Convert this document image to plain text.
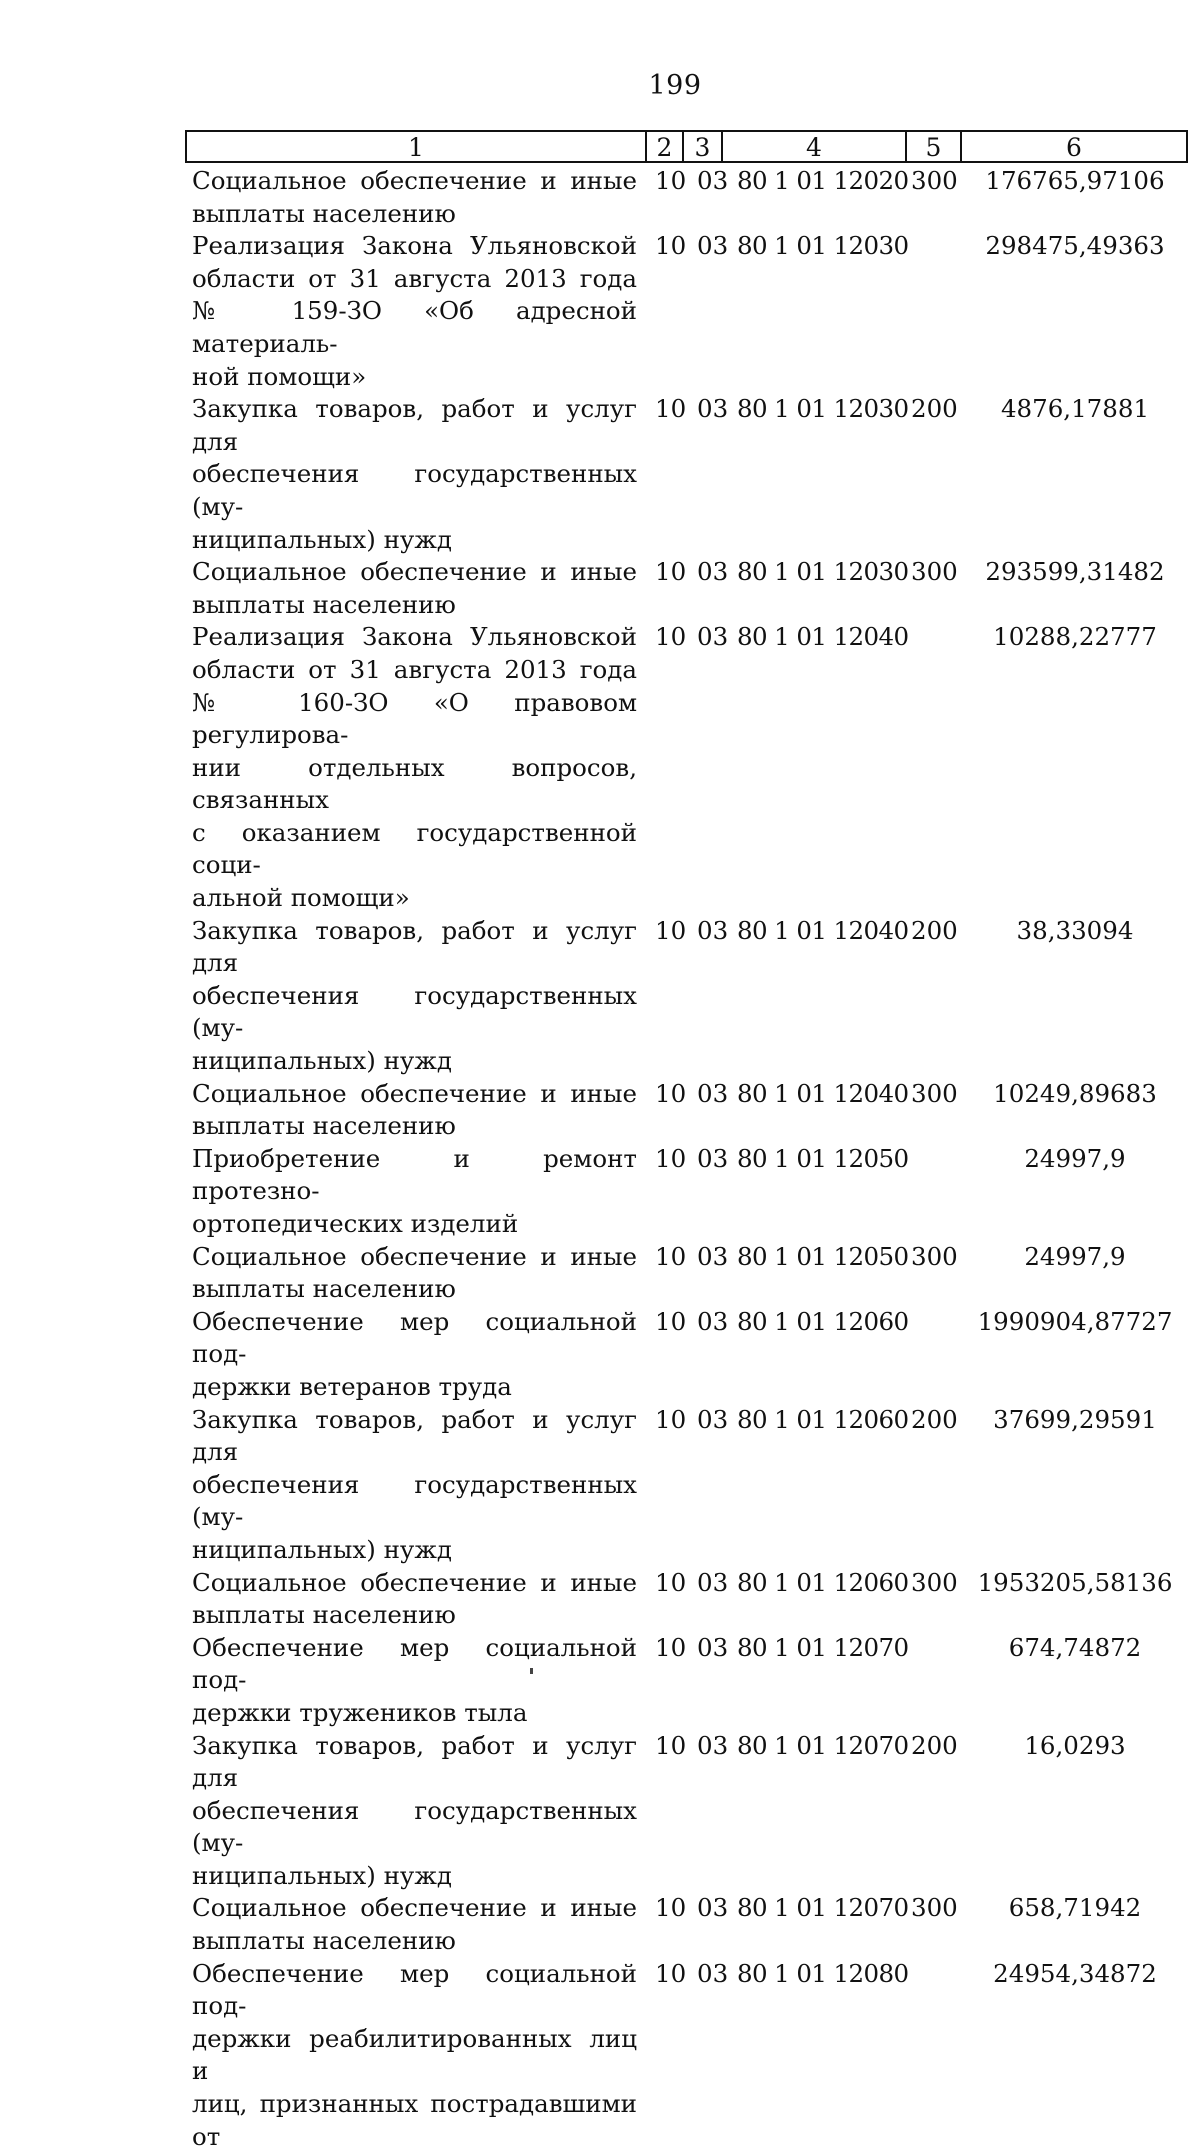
199
1	2 3	4	5	6
Социальное обеспечение и иные
выплаты населению
10 03 80 1 01 12020 300	176765,97106
Реализация Закона Ульяновской
области от 31 августа 2013 года
№ 159-ЗО «Об адресной материаль-
ной помощи»
10 03 80 1 01 12030	298475,49363
Закупка товаров, работ и услуг для
обеспечения государственных (му-
ниципальных) нужд
10 03 80 1 01 12030 200	4876,17881
Социальное обеспечение и иные
выплаты населению
10 03 80 1 01 12030 300	293599,31482
Реализация Закона Ульяновской
области от 31 августа 2013 года
№ 160-ЗО «О правовом регулирова-
нии отдельных вопросов, связанных
с оказанием государственной соци-
альной помощи»
10 03 80 1 01 12040	10288,22777
Закупка товаров, работ и услуг для
обеспечения государственных (му-
ниципальных) нужд
10 03 80 1 01 12040 200	38,33094
Социальное обеспечение и иные
выплаты населению
10 03 80 1 01 12040 300	10249,89683
Приобретение и ремонт протезно-
ортопедических изделий
10 03 80 1 01 12050	24997,9
Социальное обеспечение и иные
выплаты населению
10 03 80 1 01 12050 300	24997,9
Обеспечение мер социальной под-
держки ветеранов труда
10 03 80 1 01 12060	1990904,87727
Закупка товаров, работ и услуг для
обеспечения государственных (му-
ниципальных) нужд
10 03 80 1 01 12060 200	37699,29591
Социальное обеспечение и иные
выплаты населению
10 03 80 1 01 12060 300 1953205,58136
Обеспечение мер социальной под-
держки тружеников тыла
10 03 80 1 01 12070	674,74872
Закупка товаров, работ и услуг для
обеспечения государственных (му-
ниципальных) нужд
10 03 80 1 01 12070 200	16,0293
Социальное обеспечение и иные
выплаты населению
10 03 80 1 01 12070 300	658,71942
Обеспечение мер социальной под-
держки реабилитированных лиц и
лиц, признанных пострадавшими от
10 03 80 1 01 12080	24954,34872
